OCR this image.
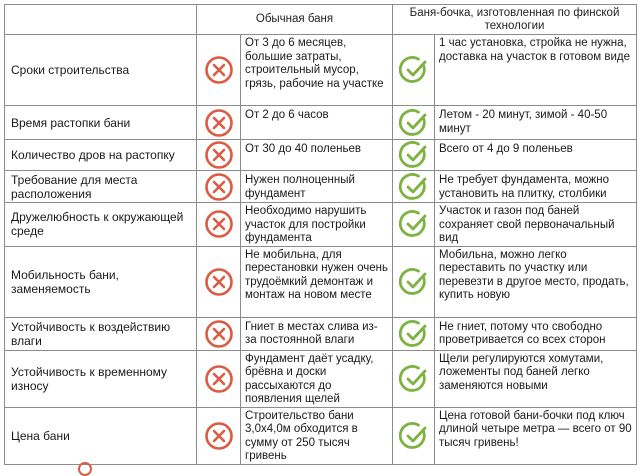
	Обычная баня		Баня-бочка, изготовленная по финской технологии	
Сроки строительства		От 3 до 6 месяцев, большие затраты, строительный мусор, грязь, рабочие на участке		1 час установка, стройка не нужна, доставка на участок в готовом виде
Время растопки бани		От 2 до 6 часов		Летом - 20 минут, зимой - 40-50 минут
Количество дров на растопку		От 30 до 40 поленьев		Всего от 4 до 9 поленьев
Требование для места расположения		Нужен полноценный фундамент		Не требует фундамента, можно установить на плитку, столбики
Дружелюбность к окружающей среде		Необходимо нарушить участок для постройки фундамента		Участок и газон под баней сохраняет свой первоначальный вид
Мобильность бани, заменяемость		Не мобильна, для перестановки нужен очень трудоёмкий демонтаж и монтаж на новом месте		Мобильна, можно легко переставить по участку или перевезти в другое место, продать, купить новую
Устойчивость к воздействию влаги		Гниет в местах слива из-за постоянной влаги		Не гниет, потому что свободно проветривается со всех сторон
Устойчивость к временному износу		Фундамент даёт усадку, брёвна и доски рассыхаются до появления щелей		Щели регулируются хомутами, ложементы под баней легко заменяются новыми
Цена бани		Строительство бани 3,0х4,0м обходится в сумму от 250 тысяч гривень		Цена готовой бани-бочки под ключ длиной четыре метра — всего от 90 тысяч гривень!
